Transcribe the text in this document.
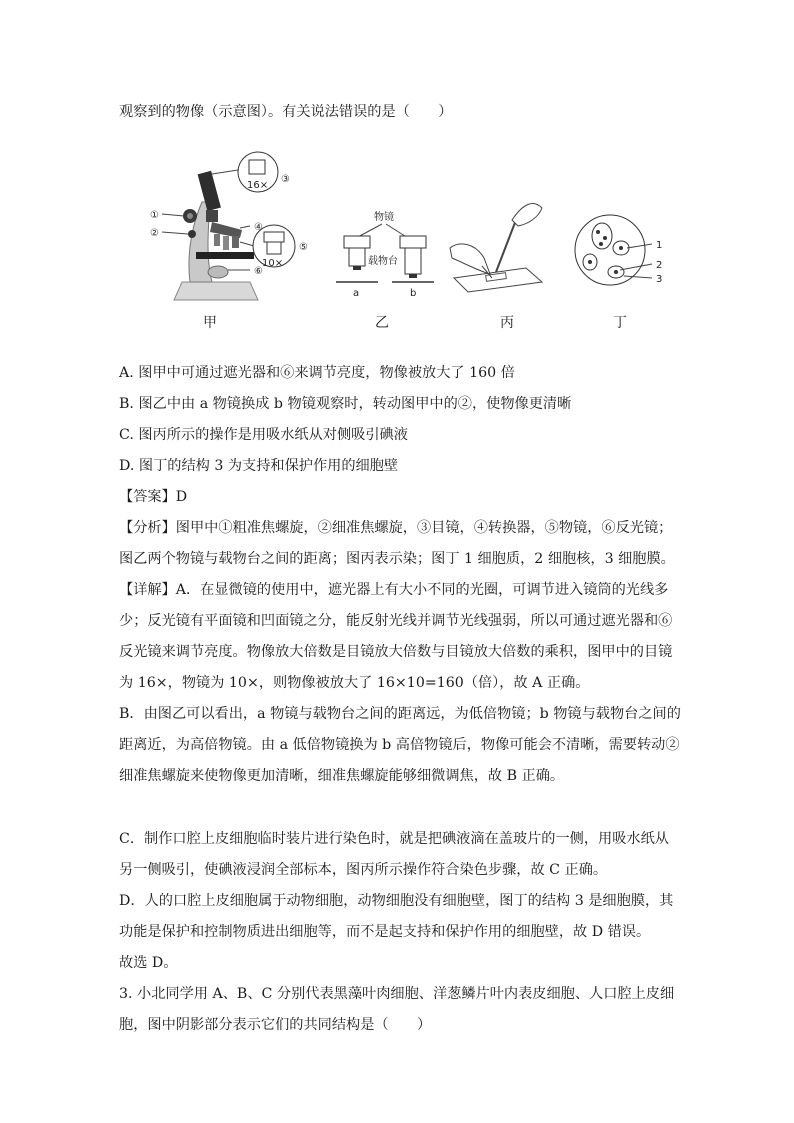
观察到的物像（示意图）。有关说法错误的是（　　）
16×
③
10×
⑤
①
②
④
⑥
物镜
载物台
a	b
1
2
3
甲	乙	丙	丁
A. 图甲中可通过遮光器和⑥来调节亮度，物像被放大了 160 倍
B. 图乙中由 a 物镜换成 b 物镜观察时，转动图甲中的②，使物像更清晰
C. 图丙所示的操作是用吸水纸从对侧吸引碘液
D. 图丁的结构 3 为支持和保护作用的细胞壁
【答案】D
【分析】图甲中①粗准焦螺旋，②细准焦螺旋，③目镜，④转换器，⑤物镜，⑥反光镜；
图乙两个物镜与载物台之间的距离；图丙表示染；图丁 1 细胞质，2 细胞核，3 细胞膜。
【详解】A．在显微镜的使用中，遮光器上有大小不同的光圈，可调节进入镜筒的光线多
少；反光镜有平面镜和凹面镜之分，能反射光线并调节光线强弱，所以可通过遮光器和⑥
反光镜来调节亮度。物像放大倍数是目镜放大倍数与目镜放大倍数的乘积，图甲中的目镜
为 16×，物镜为 10×，则物像被放大了 16×10=160（倍），故 A 正确。
B．由图乙可以看出，a 物镜与载物台之间的距离远，为低倍物镜；b 物镜与载物台之间的
距离近，为高倍物镜。由 a 低倍物镜换为 b 高倍物镜后，物像可能会不清晰，需要转动②
细准焦螺旋来使物像更加清晰，细准焦螺旋能够细微调焦，故 B 正确。
C．制作口腔上皮细胞临时装片进行染色时，就是把碘液滴在盖玻片的一侧，用吸水纸从
另一侧吸引，使碘液浸润全部标本，图丙所示操作符合染色步骤，故 C 正确。
D．人的口腔上皮细胞属于动物细胞，动物细胞没有细胞壁，图丁的结构 3 是细胞膜，其
功能是保护和控制物质进出细胞等，而不是起支持和保护作用的细胞壁，故 D 错误。
故选 D。
3. 小北同学用 A、B、C 分别代表黑藻叶肉细胞、洋葱鳞片叶内表皮细胞、人口腔上皮细
胞，图中阴影部分表示它们的共同结构是（　　）
